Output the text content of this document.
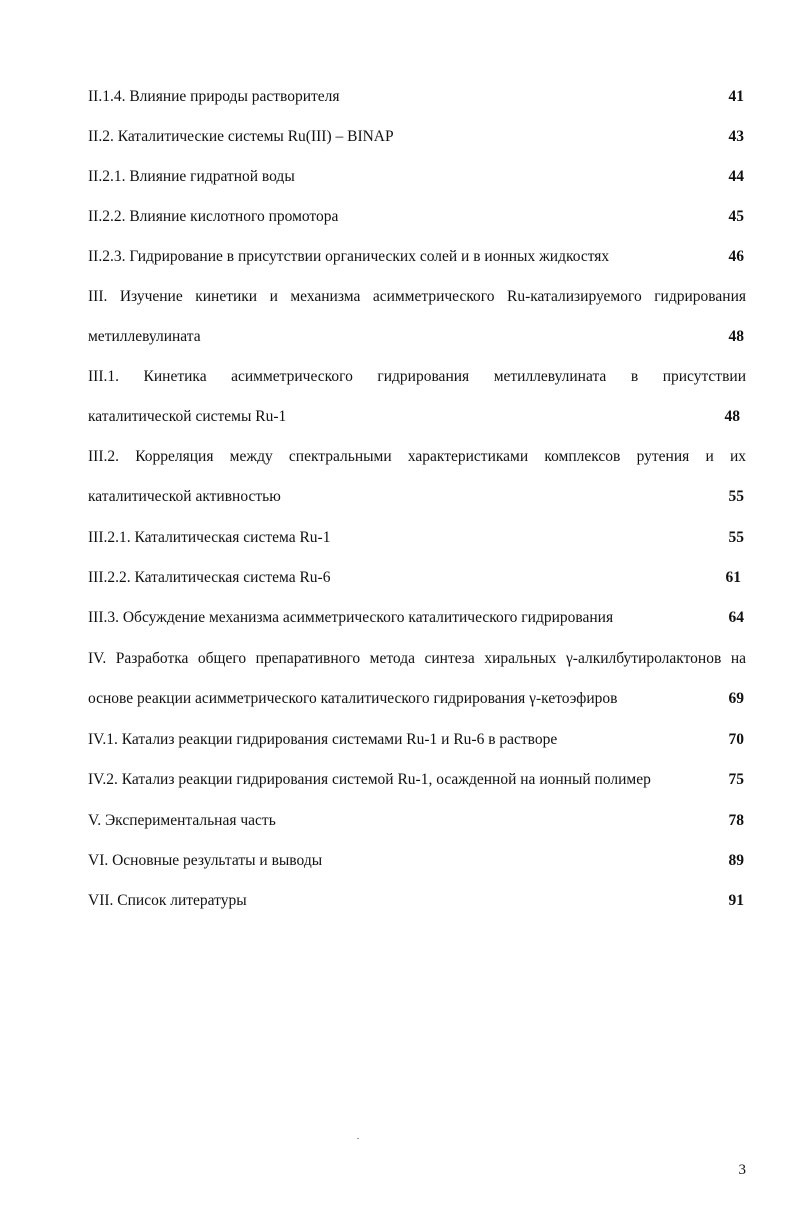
II.1.4. Влияние природы растворителя	41
II.2. Каталитические системы Ru(III) – BINAP	43
II.2.1. Влияние гидратной воды	44
II.2.2. Влияние кислотного промотора	45
II.2.3. Гидрирование в присутствии органических солей и в ионных жидкостях	46
III. Изучение кинетики и механизма асимметрического Ru-катализируемого гидрирования
метиллевулината	48
III.1. Кинетика асимметрического гидрирования метиллевулината в присутствии
каталитической системы Ru-1	48
III.2. Корреляция между спектральными характеристиками комплексов рутения и их
каталитической активностью	55
III.2.1. Каталитическая система Ru-1	55
III.2.2. Каталитическая система Ru-6	61
III.3. Обсуждение механизма асимметрического каталитического гидрирования	64
IV. Разработка общего препаративного метода синтеза хиральных γ-алкилбутиролактонов на
основе реакции асимметрического каталитического гидрирования γ-кетоэфиров	69
IV.1. Катализ реакции гидрирования системами Ru-1 и Ru-6 в растворе	70
IV.2. Катализ реакции гидрирования системой Ru-1, осажденной на ионный полимер	75
V. Экспериментальная часть	78
VI. Основные результаты и выводы	89
VII. Список литературы	91
3
